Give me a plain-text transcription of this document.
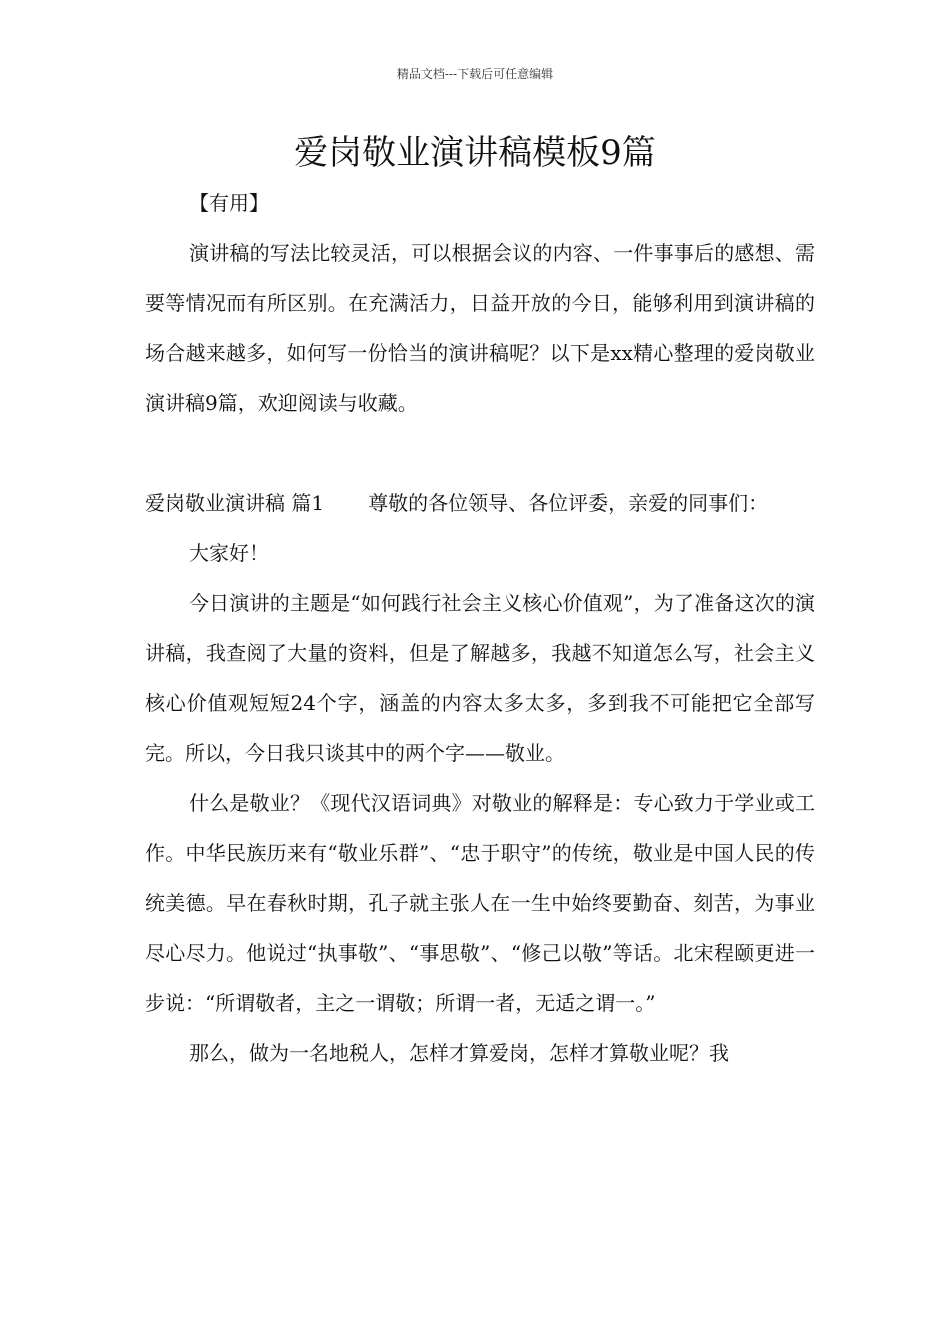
精品文档---下载后可任意编辑
爱岗敬业演讲稿模板9篇

【有用】

演讲稿的写法比较灵活，可以根据会议的内容、一件事事后的感想、需要等情况而有所区别。在充满活力，日益开放的今日，能够利用到演讲稿的场合越来越多，如何写一份恰当的演讲稿呢？以下是xx精心整理的爱岗敬业演讲稿9篇，欢迎阅读与收藏。

爱岗敬业演讲稿 篇1 尊敬的各位领导、各位评委，亲爱的同事们：

大家好！

今日演讲的主题是“如何践行社会主义核心价值观”，为了准备这次的演讲稿，我查阅了大量的资料，但是了解越多，我越不知道怎么写，社会主义核心价值观短短24个字，涵盖的内容太多太多，多到我不可能把它全部写完。所以，今日我只谈其中的两个字——敬业。

什么是敬业？《现代汉语词典》对敬业的解释是：专心致力于学业或工作。中华民族历来有“敬业乐群”、“忠于职守”的传统，敬业是中国人民的传统美德。早在春秋时期，孔子就主张人在一生中始终要勤奋、刻苦，为事业尽心尽力。他说过“执事敬”、“事思敬”、“修己以敬”等话。北宋程颐更进一步说：“所谓敬者，主之一谓敬；所谓一者，无适之谓一。”

那么，做为一名地税人，怎样才算爱岗，怎样才算敬业呢？我
